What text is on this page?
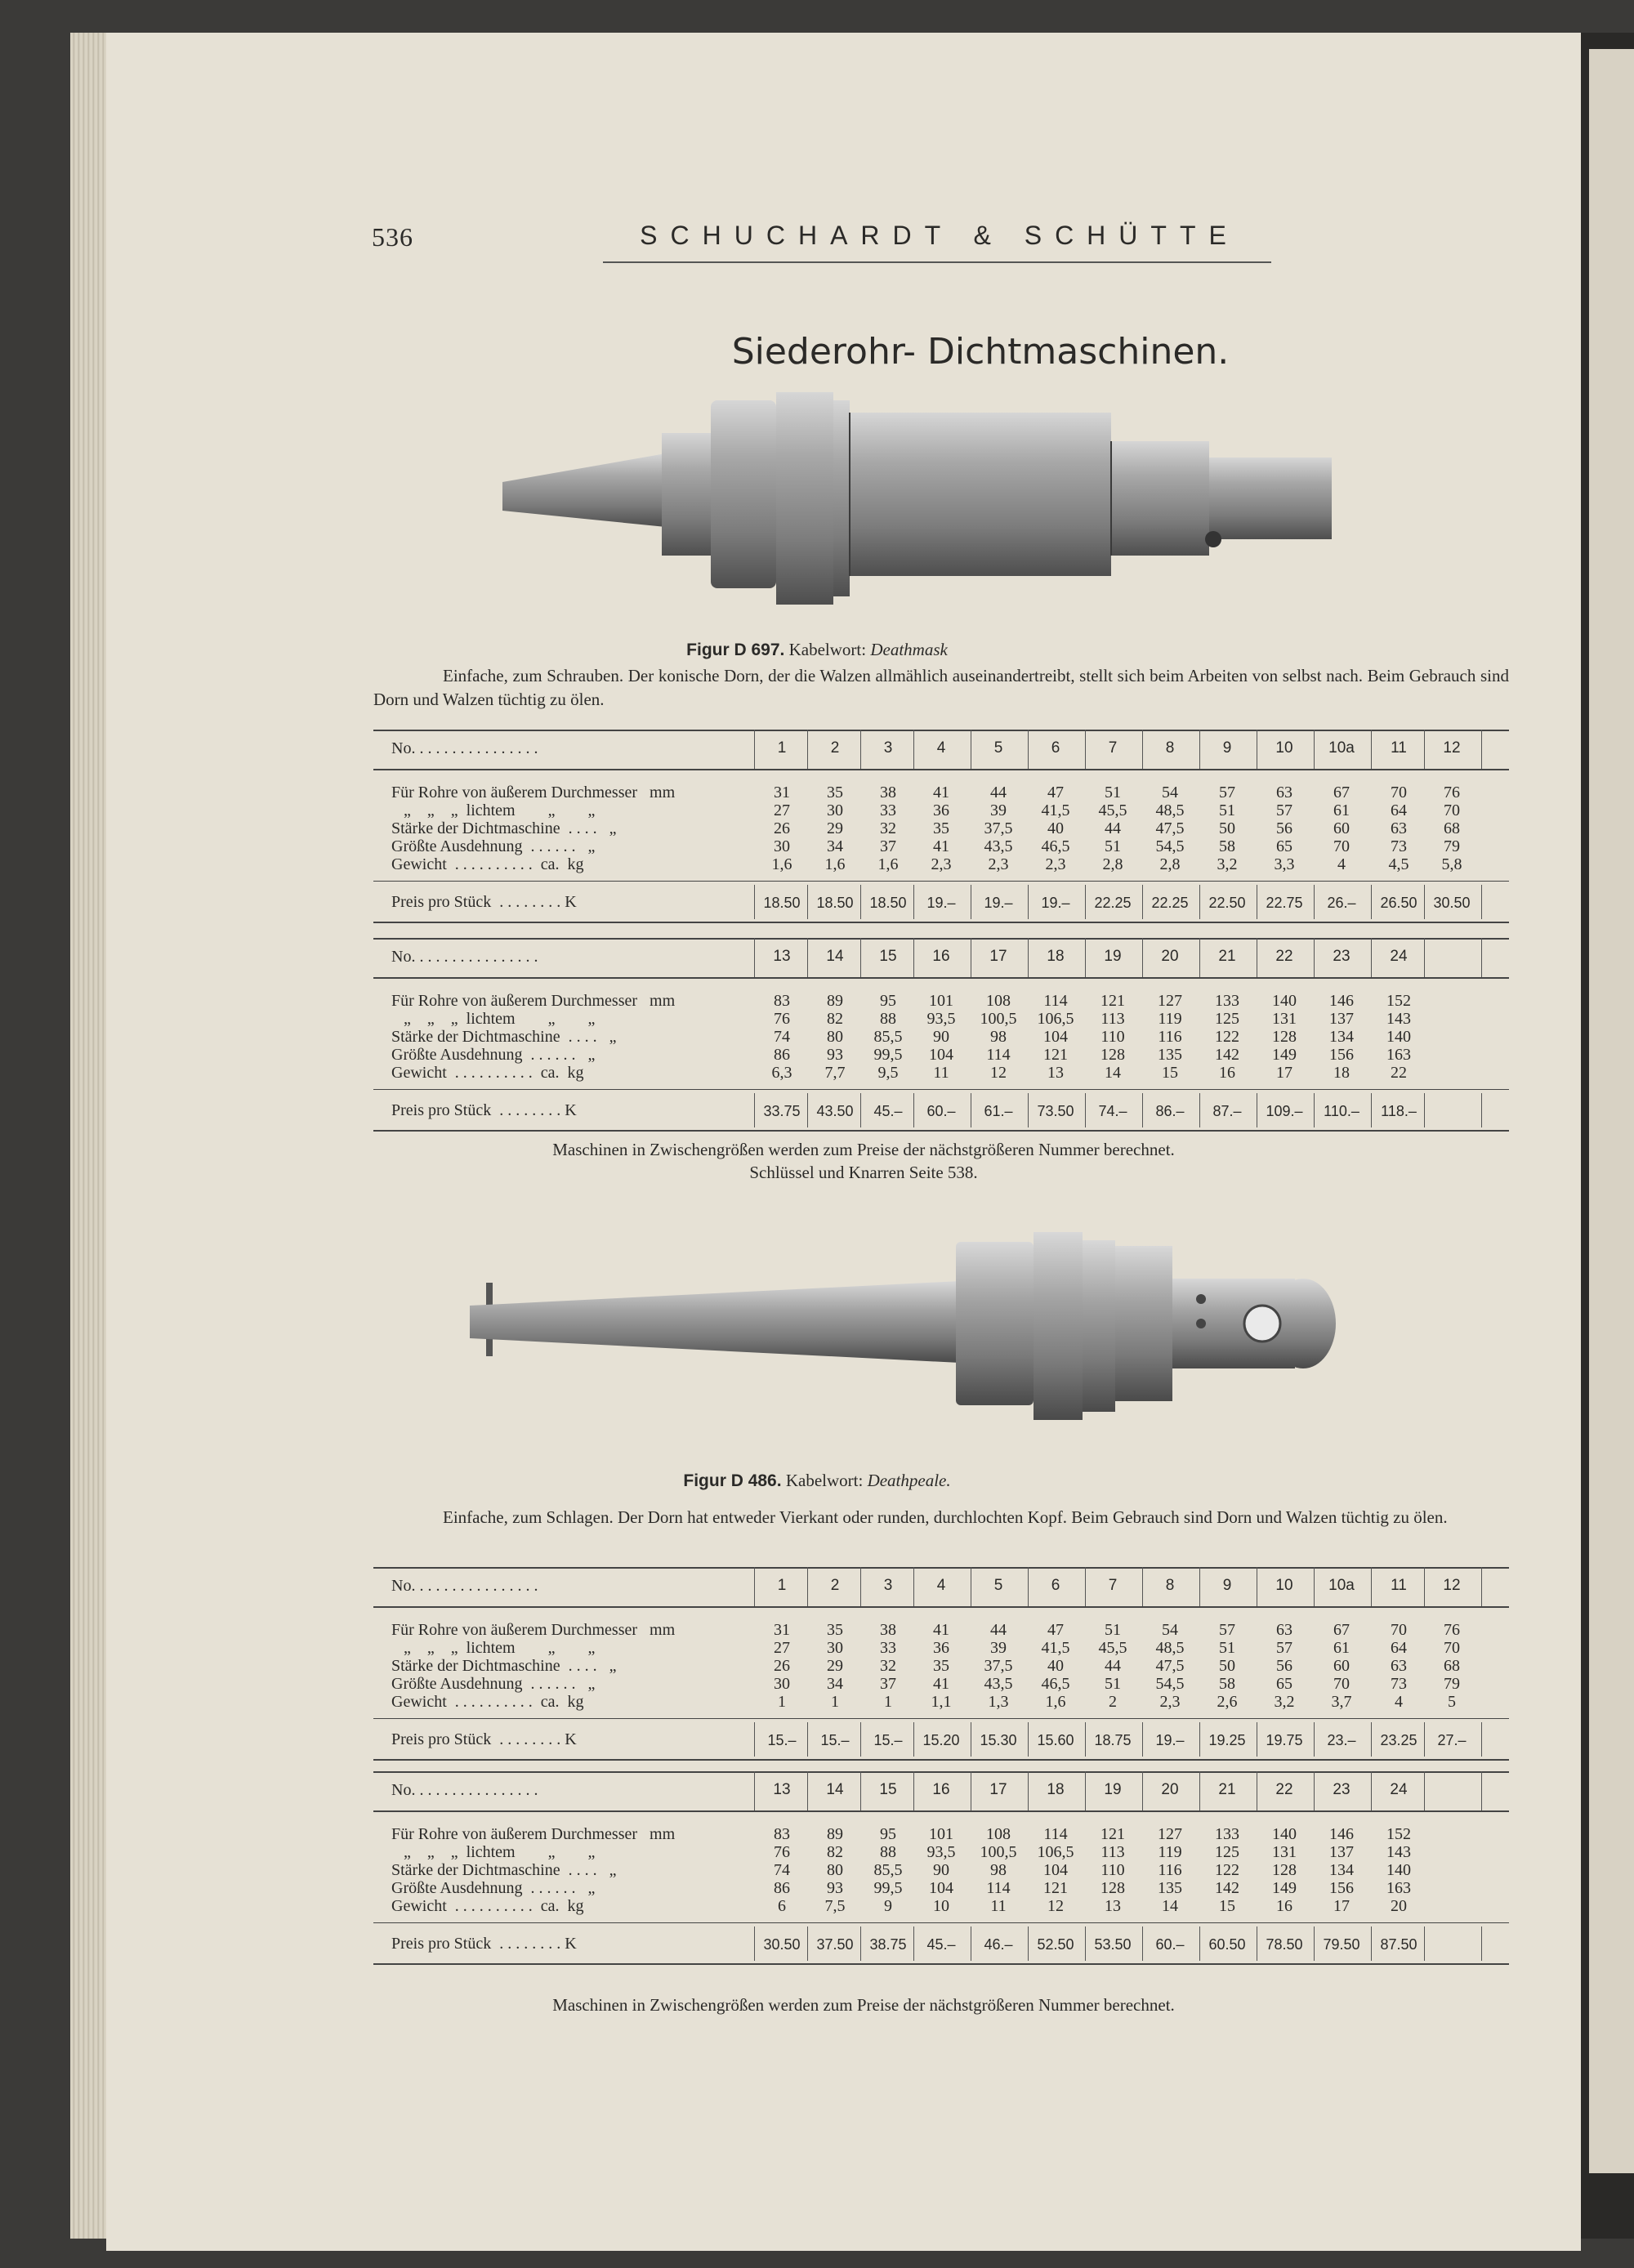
536	SCHUCHARDT & SCHÜTTE
Siederohr- Dichtmaschinen.
Figur D 697. Kabelwort: Deathmask
Einfache, zum Schrauben. Der konische Dorn, der die Walzen allmählich auseinandertreibt, stellt sich beim Arbeiten von selbst nach. Beim Gebrauch sind Dorn und Walzen tüchtig zu ölen.
No. . . . . . . . . . . . . . . .
Für Rohre von äußerem Durchmesser   mm
„    „    „  lichtem        „        „
Stärke der Dichtmaschine  . . . .   „
Größte Ausdehnung  . . . . . .   „
Gewicht  . . . . . . . . . .  ca.  kg
Preis pro Stück  . . . . . . . . K
1
31
27
26
30
1,6
18.50
2
35
30
29
34
1,6
18.50
3
38
33
32
37
1,6
18.50
4
41
36
35
41
2,3
19.–
5
44
39
37,5
43,5
2,3
19.–
6
47
41,5
40
46,5
2,3
19.–
7
51
45,5
44
51
2,8
22.25
8
54
48,5
47,5
54,5
2,8
22.25
9
57
51
50
58
3,2
22.50
10
63
57
56
65
3,3
22.75
10a
67
61
60
70
4
26.–
11
70
64
63
73
4,5
26.50
12
76
70
68
79
5,8
30.50
No. . . . . . . . . . . . . . . .
Für Rohre von äußerem Durchmesser   mm
„    „    „  lichtem        „        „
Stärke der Dichtmaschine  . . . .   „
Größte Ausdehnung  . . . . . .   „
Gewicht  . . . . . . . . . .  ca.  kg
Preis pro Stück  . . . . . . . . K
13
83
76
74
86
6,3
33.75
14
89
82
80
93
7,7
43.50
15
95
88
85,5
99,5
9,5
45.–
16
101
93,5
90
104
11
60.–
17
108
100,5
98
114
12
61.–
18
114
106,5
104
121
13
73.50
19
121
113
110
128
14
74.–
20
127
119
116
135
15
86.–
21
133
125
122
142
16
87.–
22
140
131
128
149
17
109.–
23
146
137
134
156
18
110.–
24
152
143
140
163
22
118.–
Maschinen in Zwischengrößen werden zum Preise der nächstgrößeren Nummer berechnet.
Schlüssel und Knarren Seite 538.
Figur D 486. Kabelwort: Deathpeale.
Einfache, zum Schlagen. Der Dorn hat entweder Vierkant oder runden, durchlochten Kopf. Beim Gebrauch sind Dorn und Walzen tüchtig zu ölen.
No. . . . . . . . . . . . . . . .
Für Rohre von äußerem Durchmesser   mm
„    „    „  lichtem        „        „
Stärke der Dichtmaschine  . . . .   „
Größte Ausdehnung  . . . . . .   „
Gewicht  . . . . . . . . . .  ca.  kg
Preis pro Stück  . . . . . . . . K
1
31
27
26
30
1
15.–
2
35
30
29
34
1
15.–
3
38
33
32
37
1
15.–
4
41
36
35
41
1,1
15.20
5
44
39
37,5
43,5
1,3
15.30
6
47
41,5
40
46,5
1,6
15.60
7
51
45,5
44
51
2
18.75
8
54
48,5
47,5
54,5
2,3
19.–
9
57
51
50
58
2,6
19.25
10
63
57
56
65
3,2
19.75
10a
67
61
60
70
3,7
23.–
11
70
64
63
73
4
23.25
12
76
70
68
79
5
27.–
No. . . . . . . . . . . . . . . .
Für Rohre von äußerem Durchmesser   mm
„    „    „  lichtem        „        „
Stärke der Dichtmaschine  . . . .   „
Größte Ausdehnung  . . . . . .   „
Gewicht  . . . . . . . . . .  ca.  kg
Preis pro Stück  . . . . . . . . K
13
83
76
74
86
6
30.50
14
89
82
80
93
7,5
37.50
15
95
88
85,5
99,5
9
38.75
16
101
93,5
90
104
10
45.–
17
108
100,5
98
114
11
46.–
18
114
106,5
104
121
12
52.50
19
121
113
110
128
13
53.50
20
127
119
116
135
14
60.–
21
133
125
122
142
15
60.50
22
140
131
128
149
16
78.50
23
146
137
134
156
17
79.50
24
152
143
140
163
20
87.50
Maschinen in Zwischengrößen werden zum Preise der nächstgrößeren Nummer berechnet.
